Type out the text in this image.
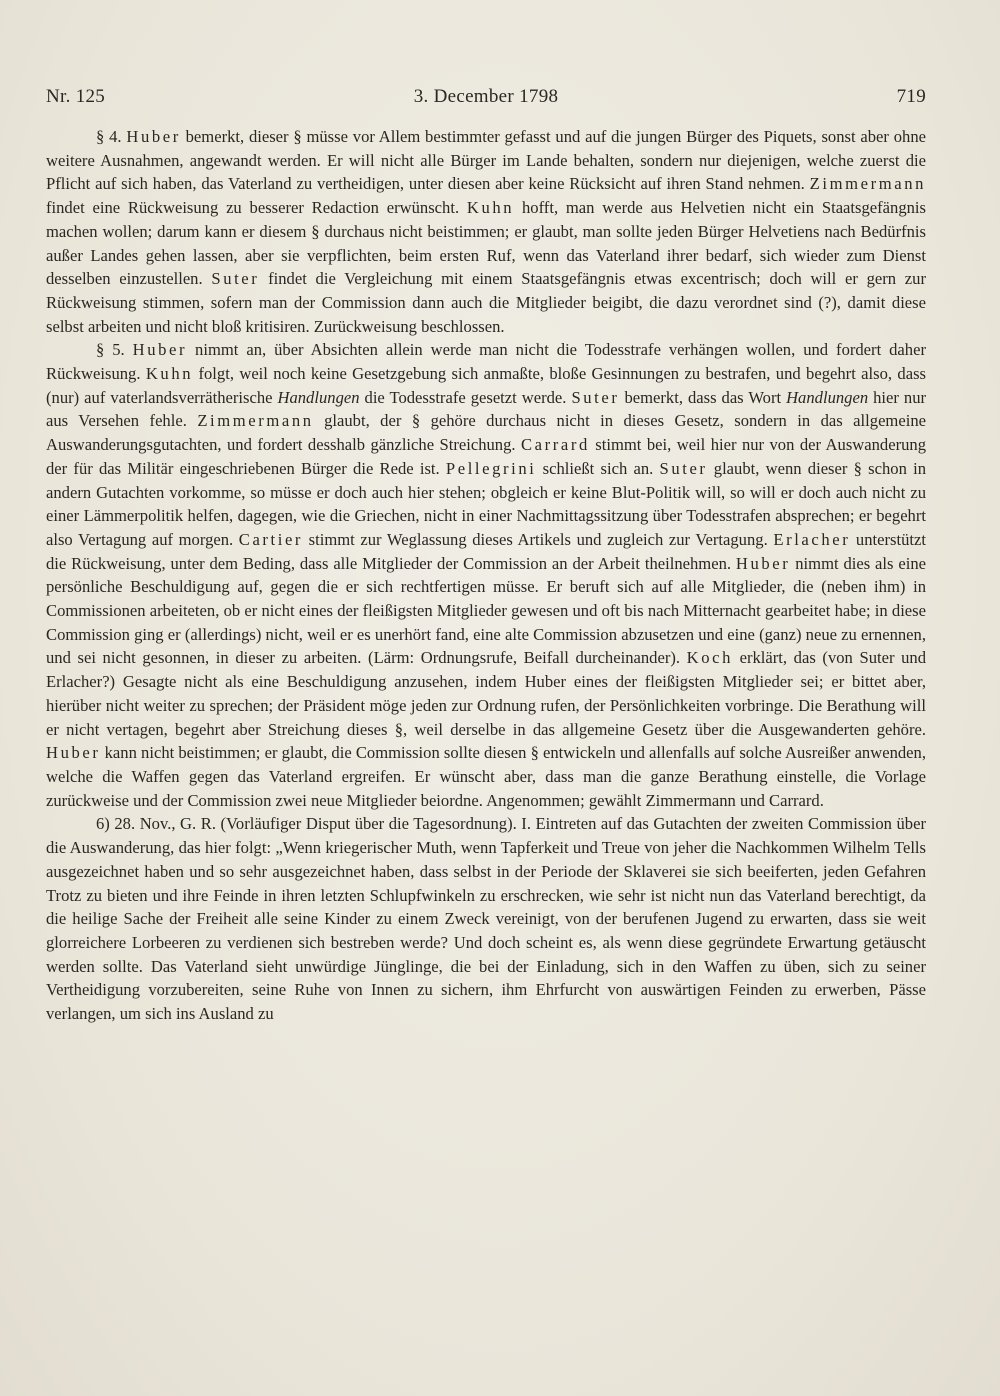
Nr. 125	3. December 1798	719

§ 4. Huber bemerkt, dieser § müsse vor Allem bestimmter gefasst und auf die jungen Bürger des Piquets, sonst aber ohne weitere Ausnahmen, angewandt werden. Er will nicht alle Bürger im Lande behalten, sondern nur diejenigen, welche zuerst die Pflicht auf sich haben, das Vaterland zu vertheidigen, unter diesen aber keine Rücksicht auf ihren Stand nehmen. Zimmermann findet eine Rückweisung zu besserer Redaction erwünscht. Kuhn hofft, man werde aus Helvetien nicht ein Staatsgefängnis machen wollen; darum kann er diesem § durchaus nicht beistimmen; er glaubt, man sollte jeden Bürger Helvetiens nach Bedürfnis außer Landes gehen lassen, aber sie verpflichten, beim ersten Ruf, wenn das Vaterland ihrer bedarf, sich wieder zum Dienst desselben einzustellen. Suter findet die Vergleichung mit einem Staatsgefängnis etwas excentrisch; doch will er gern zur Rückweisung stimmen, sofern man der Commission dann auch die Mitglieder beigibt, die dazu verordnet sind (?), damit diese selbst arbeiten und nicht bloß kritisiren. Zurückweisung beschlossen.

§ 5. Huber nimmt an, über Absichten allein werde man nicht die Todesstrafe verhängen wollen, und fordert daher Rückweisung. Kuhn folgt, weil noch keine Gesetzgebung sich anmaßte, bloße Gesinnungen zu bestrafen, und begehrt also, dass (nur) auf vaterlandsverrätherische Handlungen die Todesstrafe gesetzt werde. Suter bemerkt, dass das Wort Handlungen hier nur aus Versehen fehle. Zimmermann glaubt, der § gehöre durchaus nicht in dieses Gesetz, sondern in das allgemeine Auswanderungsgutachten, und fordert desshalb gänzliche Streichung. Carrard stimmt bei, weil hier nur von der Auswanderung der für das Militär eingeschriebenen Bürger die Rede ist. Pellegrini schließt sich an. Suter glaubt, wenn dieser § schon in andern Gutachten vorkomme, so müsse er doch auch hier stehen; obgleich er keine Blut-Politik will, so will er doch auch nicht zu einer Lämmerpolitik helfen, dagegen, wie die Griechen, nicht in einer Nachmittagssitzung über Todesstrafen absprechen; er begehrt also Vertagung auf morgen. Cartier stimmt zur Weglassung dieses Artikels und zugleich zur Vertagung. Erlacher unterstützt die Rückweisung, unter dem Beding, dass alle Mitglieder der Commission an der Arbeit theilnehmen. Huber nimmt dies als eine persönliche Beschuldigung auf, gegen die er sich rechtfertigen müsse. Er beruft sich auf alle Mitglieder, die (neben ihm) in Commissionen arbeiteten, ob er nicht eines der fleißigsten Mitglieder gewesen und oft bis nach Mitternacht gearbeitet habe; in diese Commission ging er (allerdings) nicht, weil er es unerhört fand, eine alte Commission abzusetzen und eine (ganz) neue zu ernennen, und sei nicht gesonnen, in dieser zu arbeiten. (Lärm: Ordnungsrufe, Beifall durcheinander). Koch erklärt, das (von Suter und Erlacher?) Gesagte nicht als eine Beschuldigung anzusehen, indem Huber eines der fleißigsten Mitglieder sei; er bittet aber, hierüber nicht weiter zu sprechen; der Präsident möge jeden zur Ordnung rufen, der Persönlichkeiten vorbringe. Die Berathung will er nicht vertagen, begehrt aber Streichung dieses §, weil derselbe in das allgemeine Gesetz über die Ausgewanderten gehöre. Huber kann nicht beistimmen; er glaubt, die Commission sollte diesen § entwickeln und allenfalls auf solche Ausreißer anwenden, welche die Waffen gegen das Vaterland ergreifen. Er wünscht aber, dass man die ganze Berathung einstelle, die Vorlage zurückweise und der Commission zwei neue Mitglieder beiordne. Angenommen; gewählt Zimmermann und Carrard.

6) 28. Nov., G. R. (Vorläufiger Disput über die Tagesordnung). I. Eintreten auf das Gutachten der zweiten Commission über die Auswanderung, das hier folgt: „Wenn kriegerischer Muth, wenn Tapferkeit und Treue von jeher die Nachkommen Wilhelm Tells ausgezeichnet haben und so sehr ausgezeichnet haben, dass selbst in der Periode der Sklaverei sie sich beeiferten, jeden Gefahren Trotz zu bieten und ihre Feinde in ihren letzten Schlupfwinkeln zu erschrecken, wie sehr ist nicht nun das Vaterland berechtigt, da die heilige Sache der Freiheit alle seine Kinder zu einem Zweck vereinigt, von der berufenen Jugend zu erwarten, dass sie weit glorreichere Lorbeeren zu verdienen sich bestreben werde? Und doch scheint es, als wenn diese gegründete Erwartung getäuscht werden sollte. Das Vaterland sieht unwürdige Jünglinge, die bei der Einladung, sich in den Waffen zu üben, sich zu seiner Vertheidigung vorzubereiten, seine Ruhe von Innen zu sichern, ihm Ehrfurcht von auswärtigen Feinden zu erwerben, Pässe verlangen, um sich ins Ausland zu
